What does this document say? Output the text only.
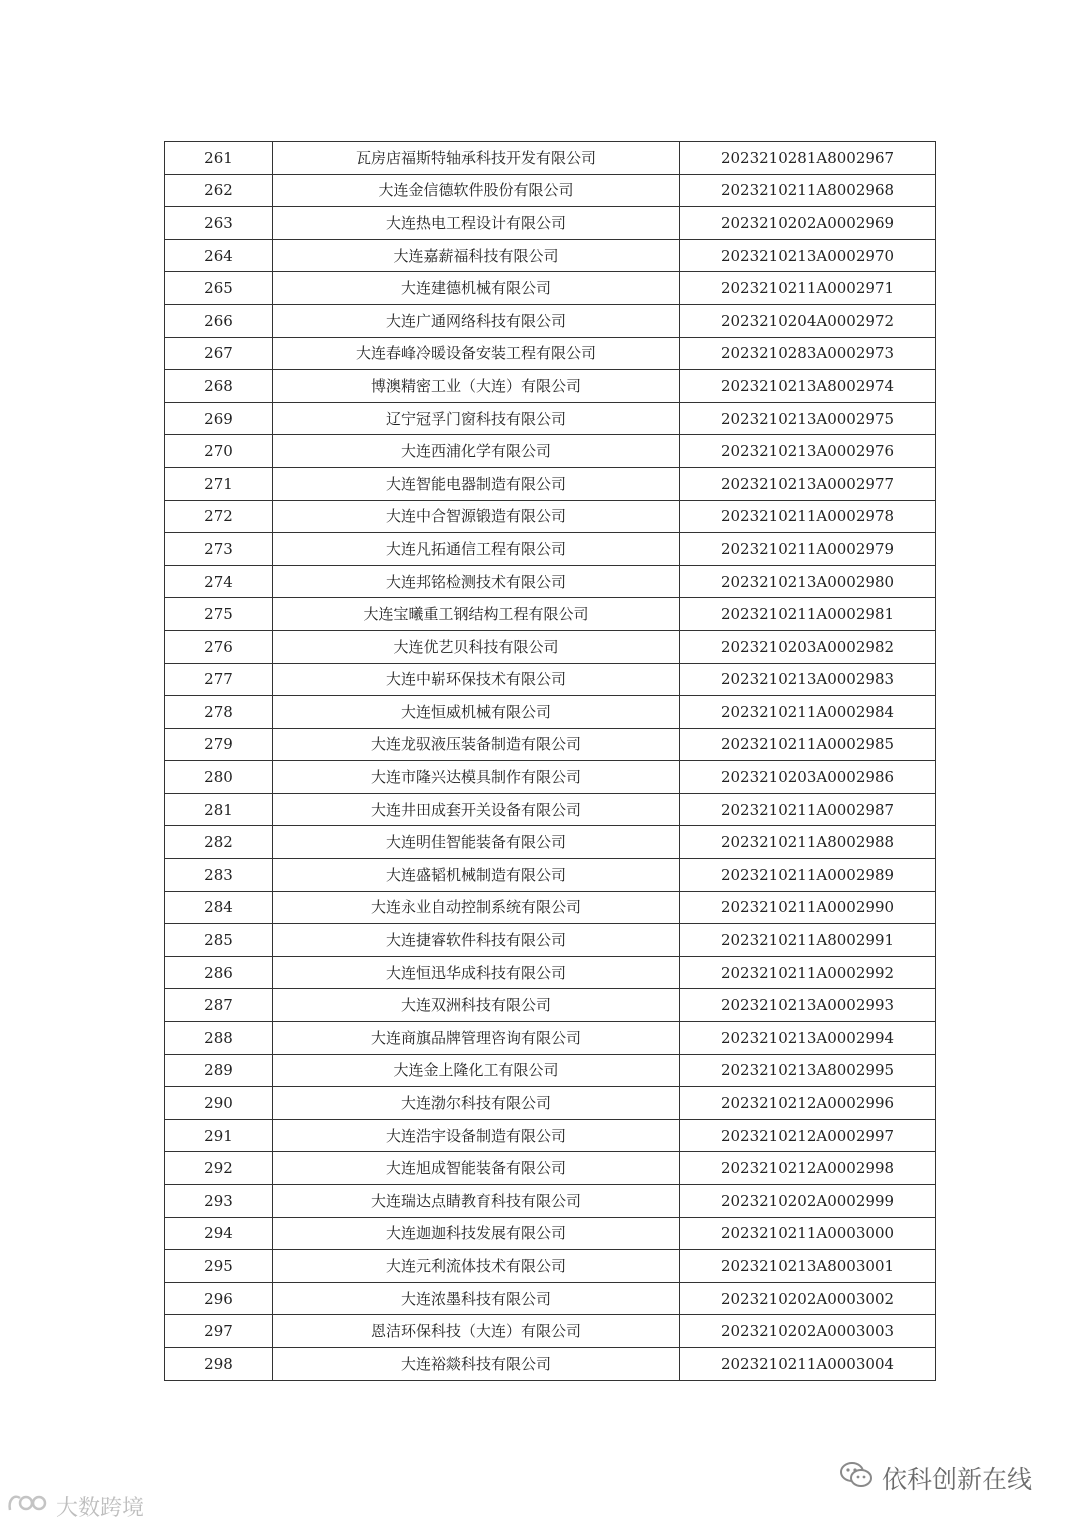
261	瓦房店福斯特轴承科技开发有限公司	2023210281A8002967
262	大连金信德软件股份有限公司	2023210211A8002968
263	大连热电工程设计有限公司	2023210202A0002969
264	大连嘉薪福科技有限公司	2023210213A0002970
265	大连建德机械有限公司	2023210211A0002971
266	大连广通网络科技有限公司	2023210204A0002972
267	大连春峰冷暖设备安装工程有限公司	2023210283A0002973
268	博澳精密工业（大连）有限公司	2023210213A8002974
269	辽宁冠孚门窗科技有限公司	2023210213A0002975
270	大连西浦化学有限公司	2023210213A0002976
271	大连智能电器制造有限公司	2023210213A0002977
272	大连中合智源锻造有限公司	2023210211A0002978
273	大连凡拓通信工程有限公司	2023210211A0002979
274	大连邦铭检测技术有限公司	2023210213A0002980
275	大连宝曦重工钢结构工程有限公司	2023210211A0002981
276	大连优艺贝科技有限公司	2023210203A0002982
277	大连中崭环保技术有限公司	2023210213A0002983
278	大连恒威机械有限公司	2023210211A0002984
279	大连龙驭液压装备制造有限公司	2023210211A0002985
280	大连市隆兴达模具制作有限公司	2023210203A0002986
281	大连井田成套开关设备有限公司	2023210211A0002987
282	大连明佳智能装备有限公司	2023210211A8002988
283	大连盛韬机械制造有限公司	2023210211A0002989
284	大连永业自动控制系统有限公司	2023210211A0002990
285	大连捷睿软件科技有限公司	2023210211A8002991
286	大连恒迅华成科技有限公司	2023210211A0002992
287	大连双洲科技有限公司	2023210213A0002993
288	大连商旗品牌管理咨询有限公司	2023210213A0002994
289	大连金上隆化工有限公司	2023210213A8002995
290	大连渤尔科技有限公司	2023210212A0002996
291	大连浩宇设备制造有限公司	2023210212A0002997
292	大连旭成智能装备有限公司	2023210212A0002998
293	大连瑞达点睛教育科技有限公司	2023210202A0002999
294	大连迦迦科技发展有限公司	2023210211A0003000
295	大连元利流体技术有限公司	2023210213A8003001
296	大连浓墨科技有限公司	2023210202A0003002
297	恩洁环保科技（大连）有限公司	2023210202A0003003
298	大连裕燚科技有限公司	2023210211A0003004
依科创新在线
大数跨境
